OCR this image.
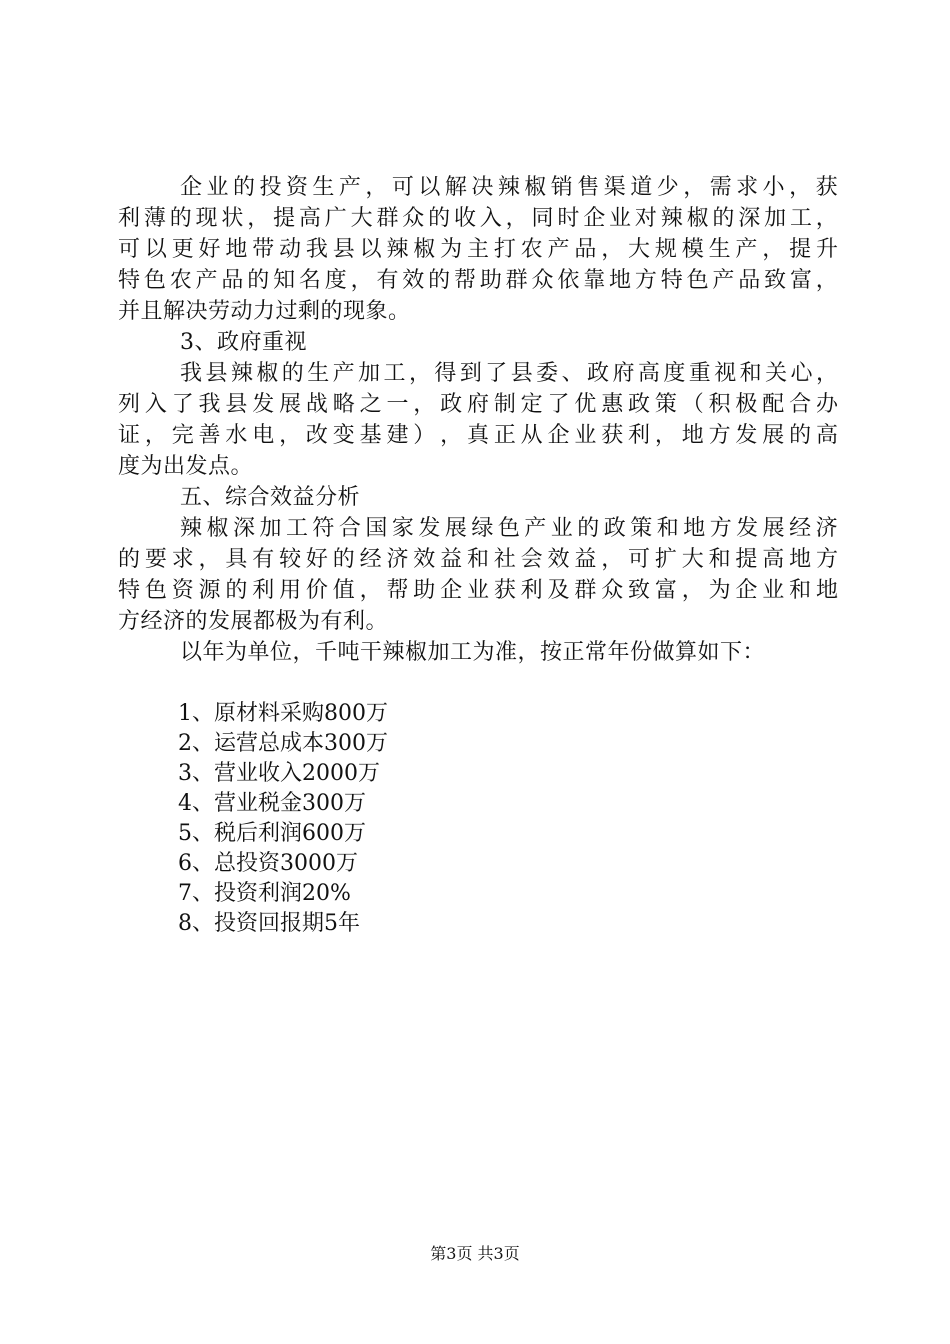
企 业 的 投 资 生 产 ， 可 以 解 决 辣 椒 销 售 渠 道 少 ， 需 求 小 ， 获
利 薄 的 现 状 ， 提 高 广 大 群 众 的 收 入 ， 同 时 企 业 对 辣 椒 的 深 加 工 ，
可 以 更 好 地 带 动 我 县 以 辣 椒 为 主 打 农 产 品 ， 大 规 模 生 产 ， 提 升
特 色 农 产 品 的 知 名 度 ， 有 效 的 帮 助 群 众 依 靠 地 方 特 色 产 品 致 富 ，
并且解决劳动力过剩的现象。
3、政府重视
我 县 辣 椒 的 生 产 加 工 ， 得 到 了 县 委 、 政 府 高 度 重 视 和 关 心 ，
列 入 了 我 县 发 展 战 略 之 一 ， 政 府 制 定 了 优 惠 政 策 （ 积 极 配 合 办
证 ， 完 善 水 电 ， 改 变 基 建 ） ， 真 正 从 企 业 获 利 ， 地 方 发 展 的 高
度为出发点。
五、综合效益分析
辣 椒 深 加 工 符 合 国 家 发 展 绿 色 产 业 的 政 策 和 地 方 发 展 经 济
的 要 求 ， 具 有 较 好 的 经 济 效 益 和 社 会 效 益 ， 可 扩 大 和 提 高 地 方
特 色 资 源 的 利 用 价 值 ， 帮 助 企 业 获 利 及 群 众 致 富 ， 为 企 业 和 地
方经济的发展都极为有利。
以年为单位，千吨干辣椒加工为准，按正常年份做算如下：
1、原材料采购800万
2、运营总成本300万
3、营业收入2000万
4、营业税金300万
5、税后利润600万
6、总投资3000万
7、投资利润20%
8、投资回报期5年
第3页 共3页
